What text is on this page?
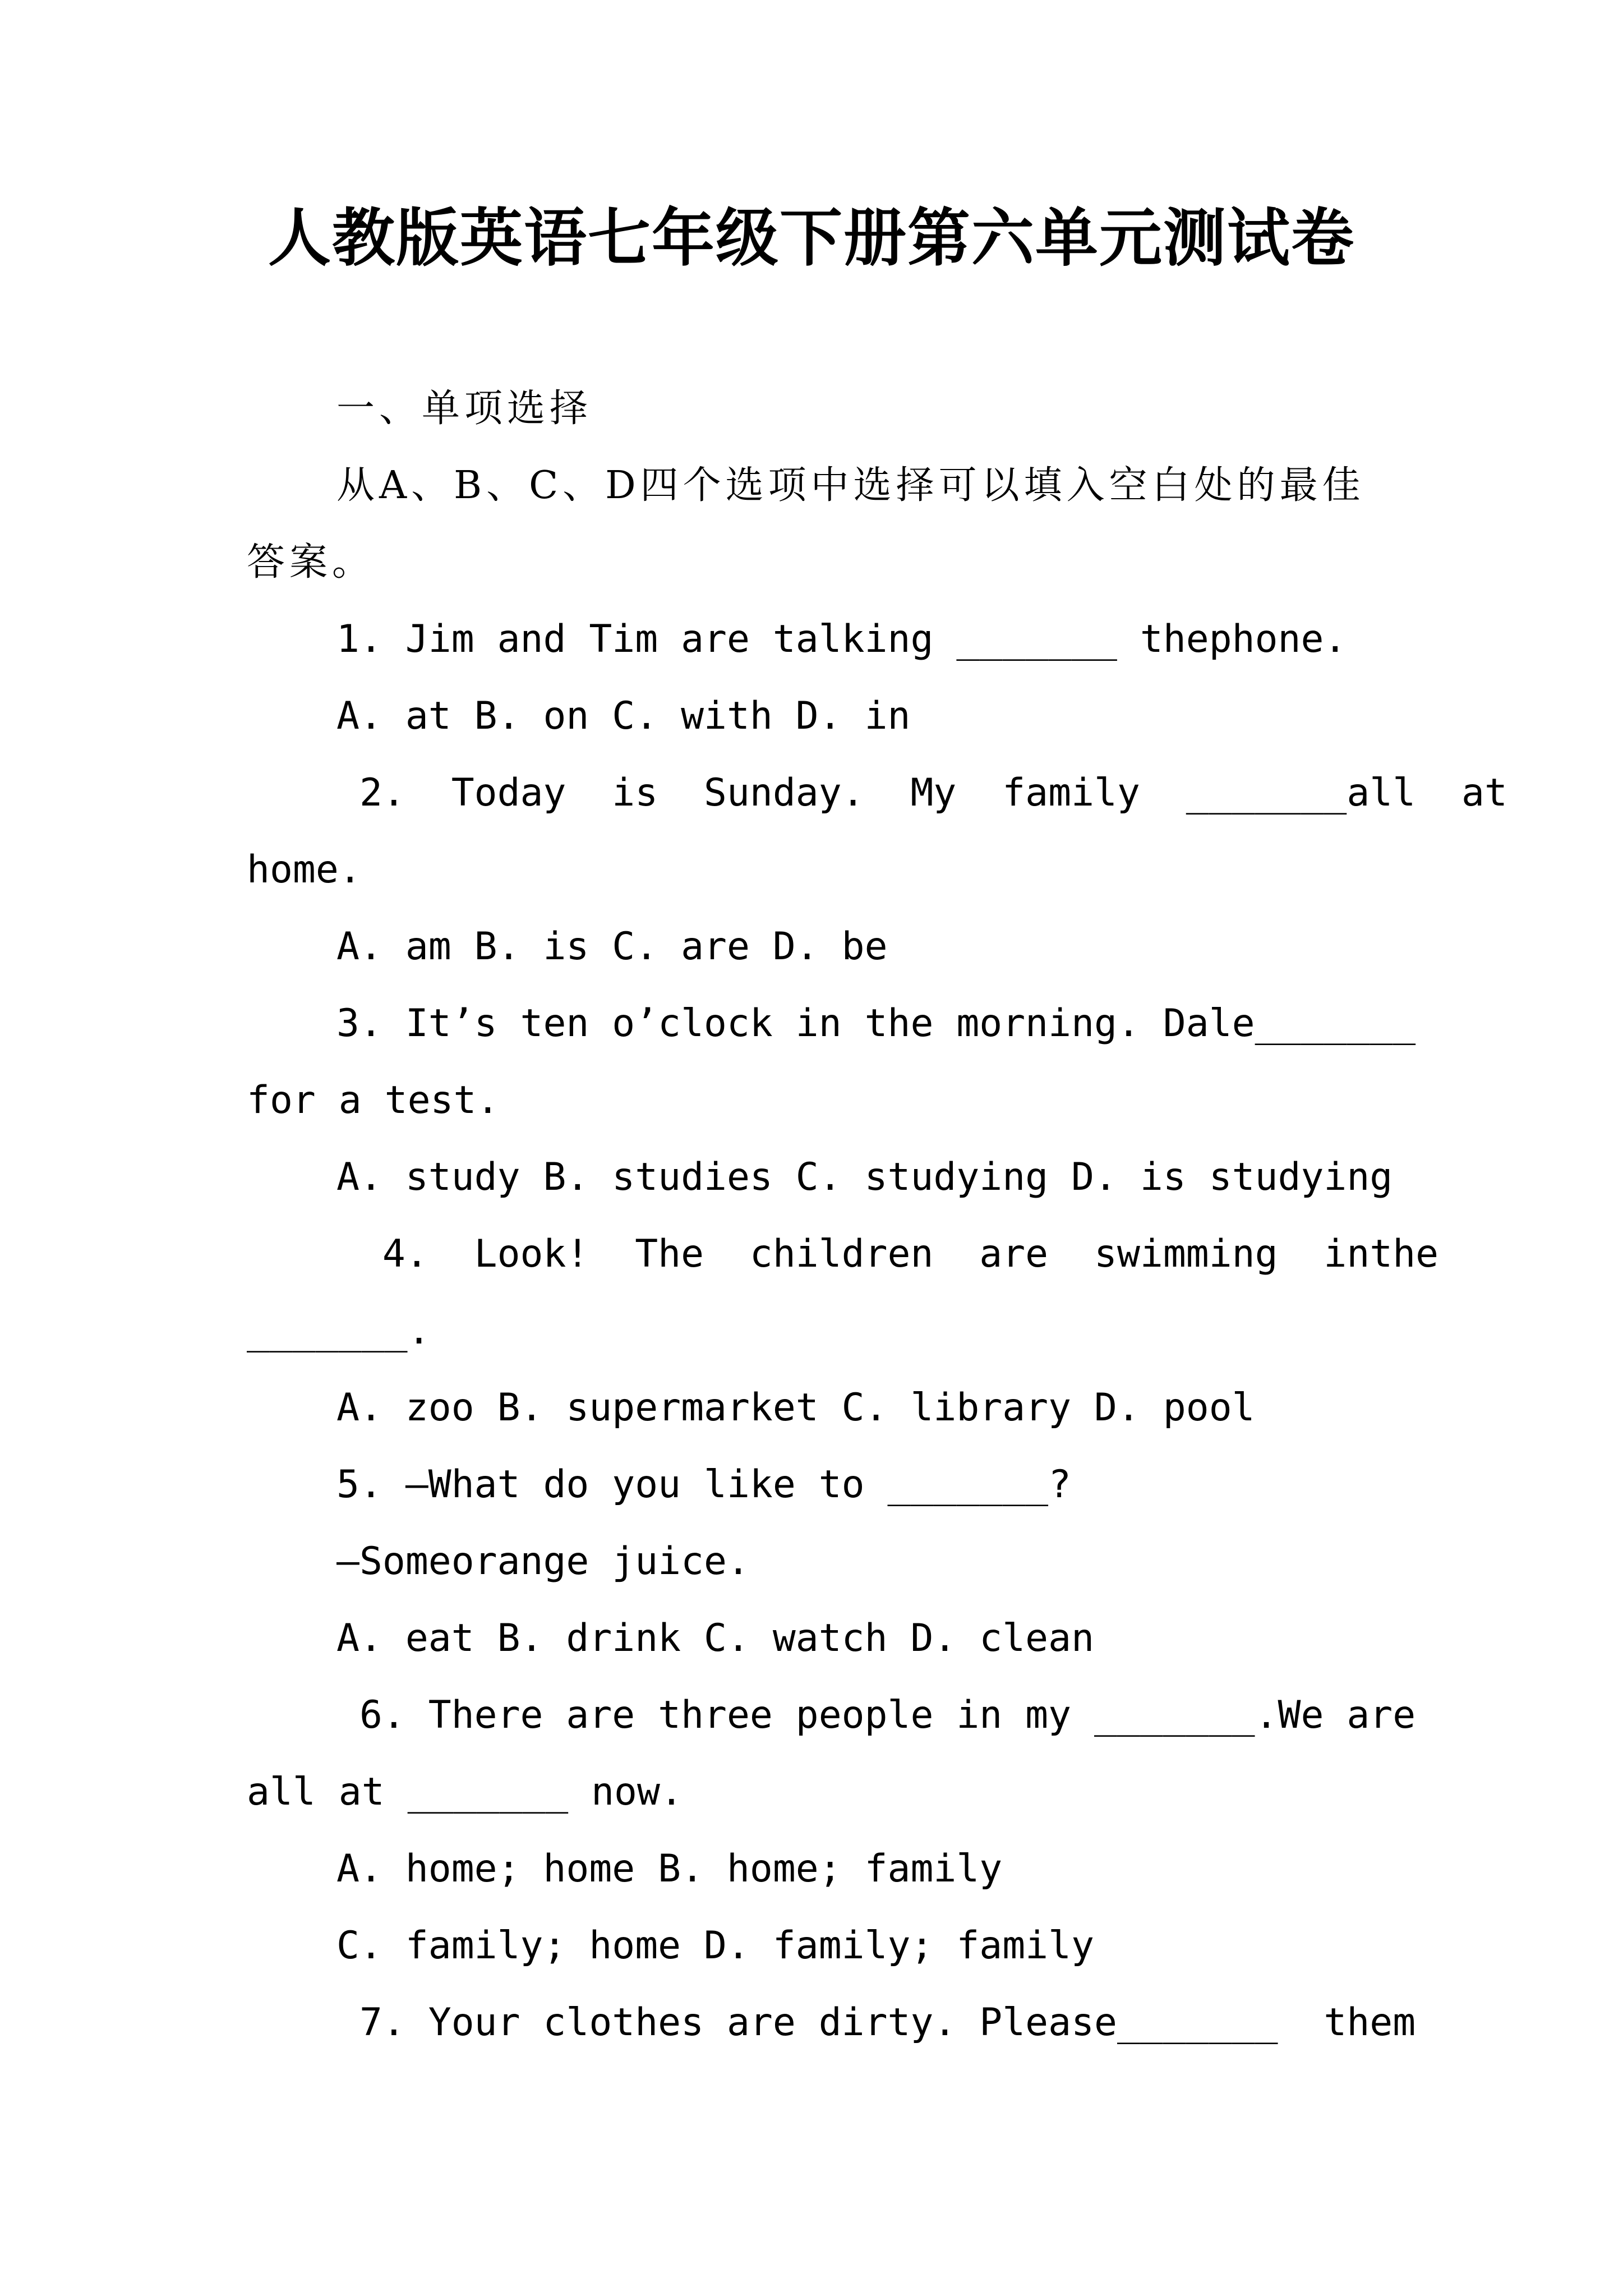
人教版英语七年级下册第六单元测试卷
一、单项选择
从A、B、C、D四个选项中选择可以填入空白处的最佳
答案。
1. Jim and Tim are talking _______ thephone.
A. at B. on C. with D. in
2.  Today  is  Sunday.  My  family  _______all  at
home.
A. am B. is C. are D. be
3. It’s ten o’clock in the morning. Dale_______
for a test.
A. study B. studies C. studying D. is studying
4.  Look!  The  children  are  swimming  inthe
_______.
A. zoo B. supermarket C. library D. pool
5. —What do you like to _______?
—Someorange juice.
A. eat B. drink C. watch D. clean
6. There are three people in my _______.We are
all at _______ now.
A. home; home B. home; family
C. family; home D. family; family
7. Your clothes are dirty. Please_______  them
